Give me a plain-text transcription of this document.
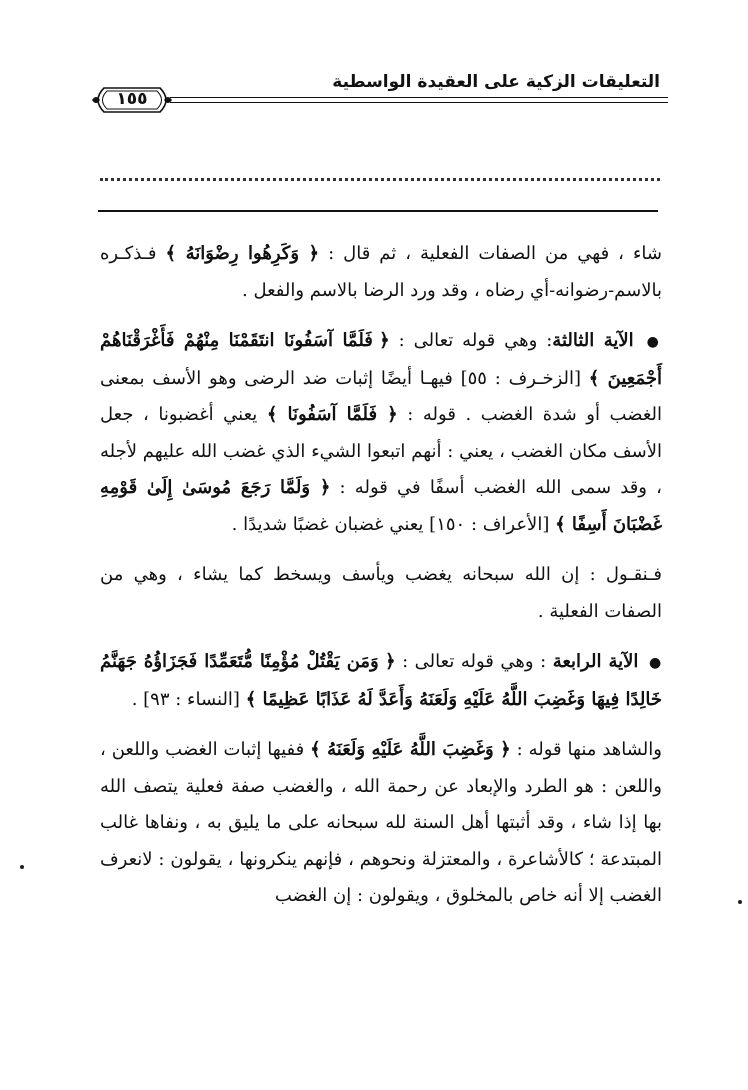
التعليقات الزكية على العقيدة الواسطية
١٥٥

شاء ، فهي من الصفات الفعلية ، ثم قال : ﴿ وَكَرِهُوا رِضْوَانَهُ ﴾ فـذكـره بالاسم-رضوانه-أي رضاه ، وقد ورد الرضا بالاسم والفعل .

● الآية الثالثة: وهي قوله تعالى : ﴿ فَلَمَّا آسَفُونَا انتَقَمْنَا مِنْهُمْ فَأَغْرَقْنَاهُمْ أَجْمَعِينَ ﴾ [الزخـرف : ٥٥] فيهـا أيضًا إثبات ضد الرضى وهو الأسف بمعنى الغضب أو شدة الغضب . قوله : ﴿ فَلَمَّا آسَفُونَا ﴾ يعني أغضبونا ، جعل الأسف مكان الغضب ، يعني : أنهم اتبعوا الشيء الذي غضب الله عليهم لأجله ، وقد سمى الله الغضب أسفًا في قوله : ﴿ وَلَمَّا رَجَعَ مُوسَىٰ إِلَىٰ قَوْمِهِ غَضْبَانَ أَسِفًا ﴾ [الأعراف : ١٥٠] يعني غضبان غضبًا شديدًا .

فـنقـول : إن الله سبحانه يغضب ويأسف ويسخط كما يشاء ، وهي من الصفات الفعلية .

● الآية الرابعة : وهي قوله تعالى : ﴿ وَمَن يَقْتُلْ مُؤْمِنًا مُّتَعَمِّدًا فَجَزَاؤُهُ جَهَنَّمُ خَالِدًا فِيهَا وَغَضِبَ اللَّهُ عَلَيْهِ وَلَعَنَهُ وَأَعَدَّ لَهُ عَذَابًا عَظِيمًا ﴾ [النساء : ٩٣] .

والشاهد منها قوله : ﴿ وَغَضِبَ اللَّهُ عَلَيْهِ وَلَعَنَهُ ﴾ ففيها إثبات الغضب واللعن ، واللعن : هو الطرد والإبعاد عن رحمة الله ، والغضب صفة فعلية يتصف الله بها إذا شاء ، وقد أثبتها أهل السنة لله سبحانه على ما يليق به ، ونفاها غالب المبتدعة ؛ كالأشاعرة ، والمعتزلة ونحوهم ، فإنهم ينكرونها ، يقولون : لانعرف الغضب إلا أنه خاص بالمخلوق ، ويقولون : إن الغضب
